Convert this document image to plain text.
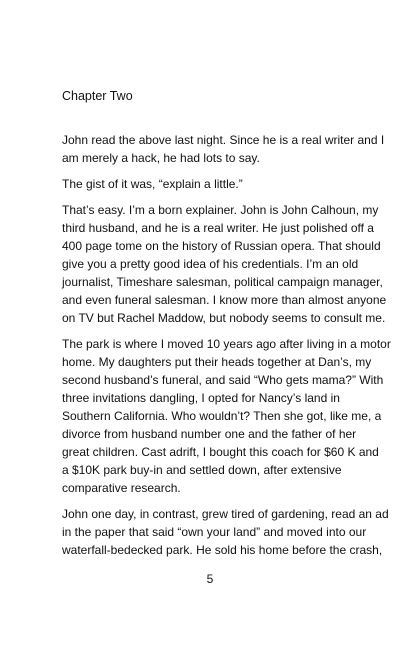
Chapter Two

John read the above last night. Since he is a real writer and I
am merely a hack, he had lots to say.

The gist of it was, “explain a little.”

That’s easy. I’m a born explainer. John is John Calhoun, my
third husband, and he is a real writer. He just polished off a
400 page tome on the history of Russian opera. That should
give you a pretty good idea of his credentials. I’m an old
journalist, Timeshare salesman, political campaign manager,
and even funeral salesman. I know more than almost anyone
on TV but Rachel Maddow, but nobody seems to consult me.

The park is where I moved 10 years ago after living in a motor
home. My daughters put their heads together at Dan’s, my
second husband’s funeral, and said “Who gets mama?” With
three invitations dangling, I opted for Nancy’s land in
Southern California. Who wouldn’t? Then she got, like me, a
divorce from husband number one and the father of her
great children. Cast adrift, I bought this coach for $60 K and
a $10K park buy-in and settled down, after extensive
comparative research.

John one day, in contrast, grew tired of gardening, read an ad
in the paper that said “own your land” and moved into our
waterfall-bedecked park. He sold his home before the crash,

5
